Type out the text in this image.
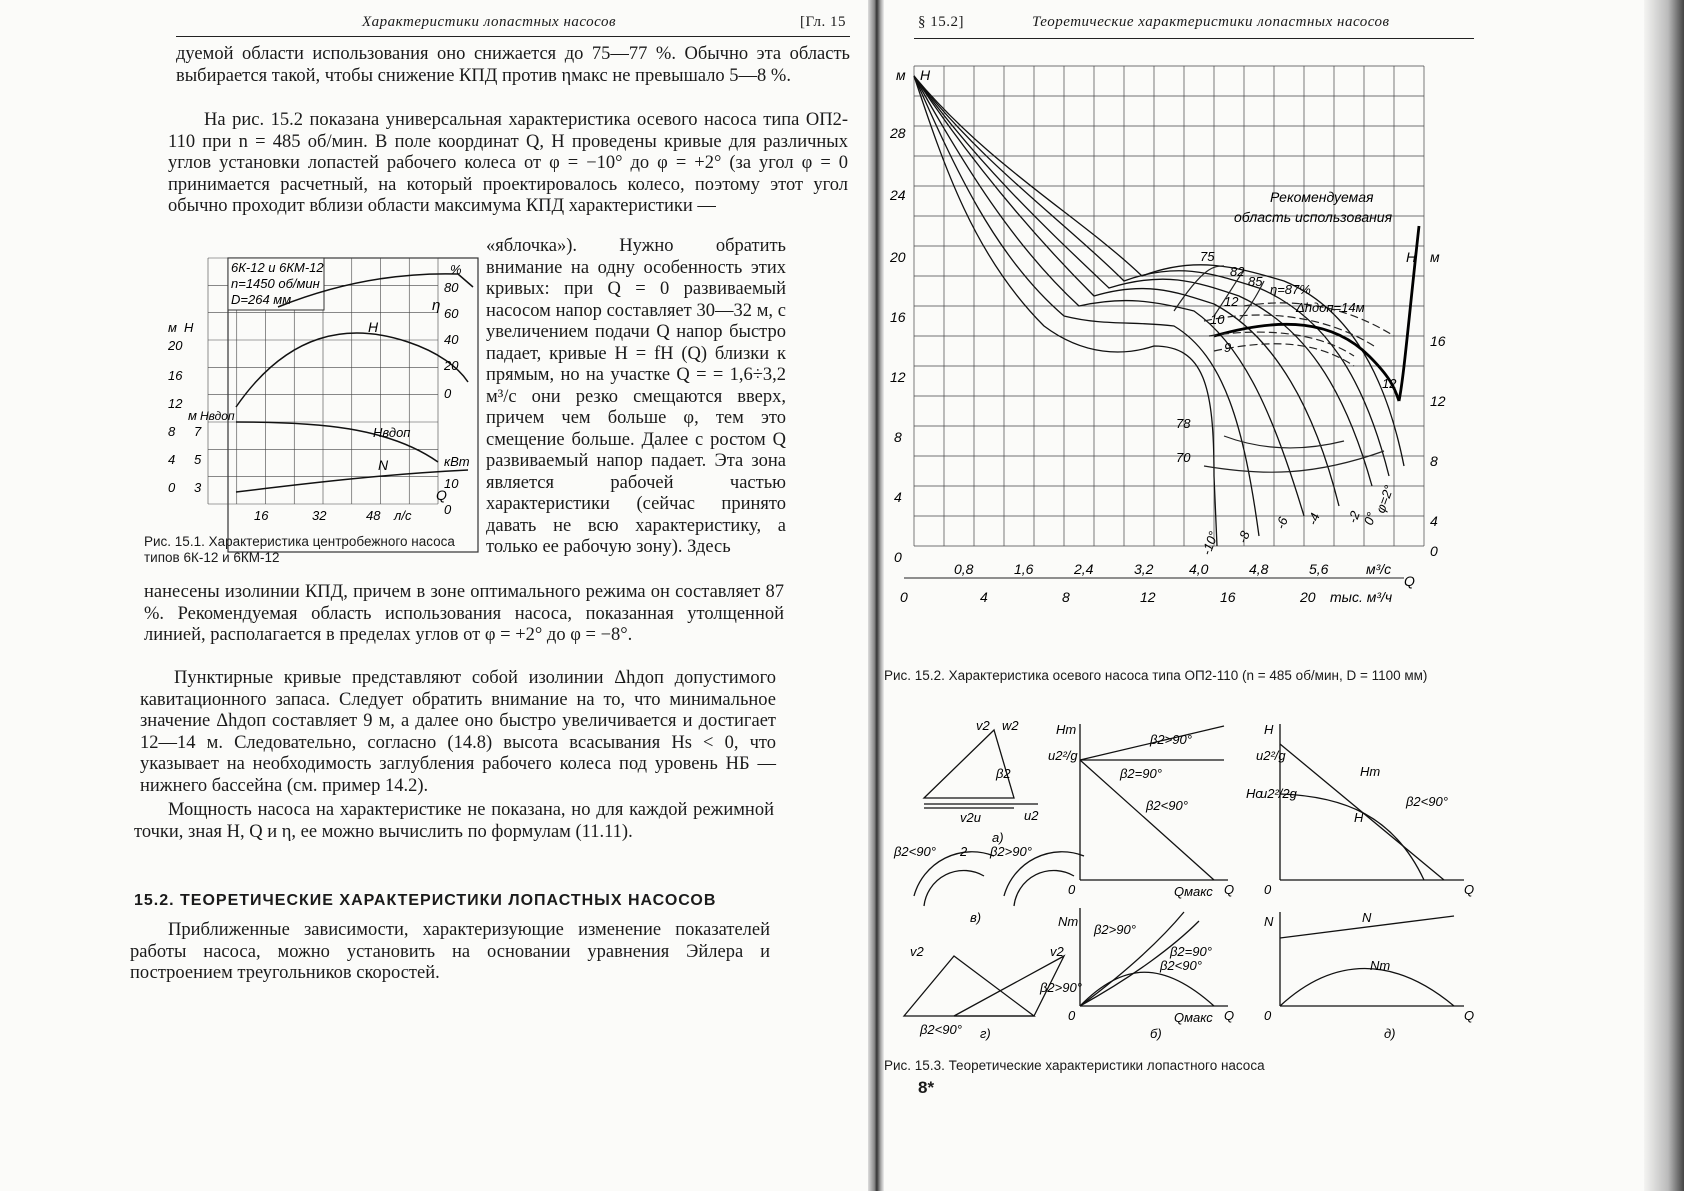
Характеристики лопастных насосов	[Гл. 15

дуемой области использования оно снижается до 75—77 %. Обычно эта область выбирается такой, чтобы снижение КПД против ηмакс не превышало 5—8 %.

На рис. 15.2 показана универсальная характеристика осевого насоса типа ОП2-110 при n = 485 об/мин. В поле координат Q, H проведены кривые для различных углов установки лопастей рабочего колеса от φ = −10° до φ = +2° (за угол φ = 0 принимается расчетный, на который проектировалось колесо, поэтому этот угол обычно проходит вблизи области максимума КПД характеристики —

6К-12 и 6КМ-12
n=1450 об/мин
D=264 мм	η
H
Hвдоп
N
Q
м H
20
16
12
8
4
0
м Hвдоп
7
5
3
%
80
60
40
20
0
кВт
10
0
16	32	48 л/с
Рис. 15.1. Характеристика центробежного насоса типов 6К-12 и 6КМ-12

«яблочка»). Нужно обратить внимание на одну особенность этих кривых: при Q = 0 развиваемый насосом напор составляет 30—32 м, с увеличением подачи Q напор быстро падает, кривые H = fH (Q) близки к прямым, но на участке Q = = 1,6÷3,2 м³/с они резко смещаются вверх, причем чем больше φ, тем это смещение больше. Далее с ростом Q развиваемый напор падает. Эта зона является рабочей частью характеристики (сейчас принято давать не всю характеристику, а только ее рабочую зону). Здесь

нанесены изолинии КПД, причем в зоне оптимального режима он составляет 87 %. Рекомендуемая область использования насоса, показанная утолщенной линией, располагается в пределах углов от φ = +2° до φ = −8°.

Пунктирные кривые представляют собой изолинии Δhдоп допустимого кавитационного запаса. Следует обратить внимание на то, что минимальное значение Δhдоп составляет 9 м, а далее оно быстро увеличивается и достигает 12—14 м. Следовательно, согласно (14.8) высота всасывания Hs < 0, что указывает на необходимость заглубления рабочего колеса под уровень НБ — нижнего бассейна (см. пример 14.2).

Мощность насоса на характеристике не показана, но для каждой режимной точки, зная H, Q и η, ее можно вычислить по формулам (11.11).

15.2. ТЕОРЕТИЧЕСКИЕ ХАРАКТЕРИСТИКИ ЛОПАСТНЫХ НАСОСОВ

Приближенные зависимости, характеризующие изменение показателей работы насоса, можно установить на основании уравнения Эйлера и построением треугольников скоростей.

§ 15.2]	Теоретические характеристики лопастных насосов
м H
28
24
20
16
12
8
4
0
H м
16
12
8
4
0
0,8	1,6	2,4	3,2	4,0	4,8	5,6	м³/с
Q
0	4	8	12	16	20 тыс. м³/ч
Рекомендуемая
область использования
75
82
85
η=87%
78
70
Δhдоп=14м
12
10
9
12
φ=2°
0°
-2
-4
-6
-8
-10°
Рис. 15.2. Характеристика осевого насоса типа ОП2-110 (n = 485 об/мин, D = 1100 мм)
v2 w2
β2
v2u	u2
а)
Hт
u2²/g
β2>90°
β2=90°
β2<90°
Qмакс Q
0
Nт
β2>90°
β2=90°
β2<90°
Qмакс Q
0
б)
β2<90°	β2>90°
2
в)
v2	v2
β2>90°
β2<90° г)
H
u2²/g
Ho
u2²/2g
Hт
H
β2<90°
Q
0
N	N
Nт
Q
0
д)
Рис. 15.3. Теоретические характеристики лопастного насоса
8*
